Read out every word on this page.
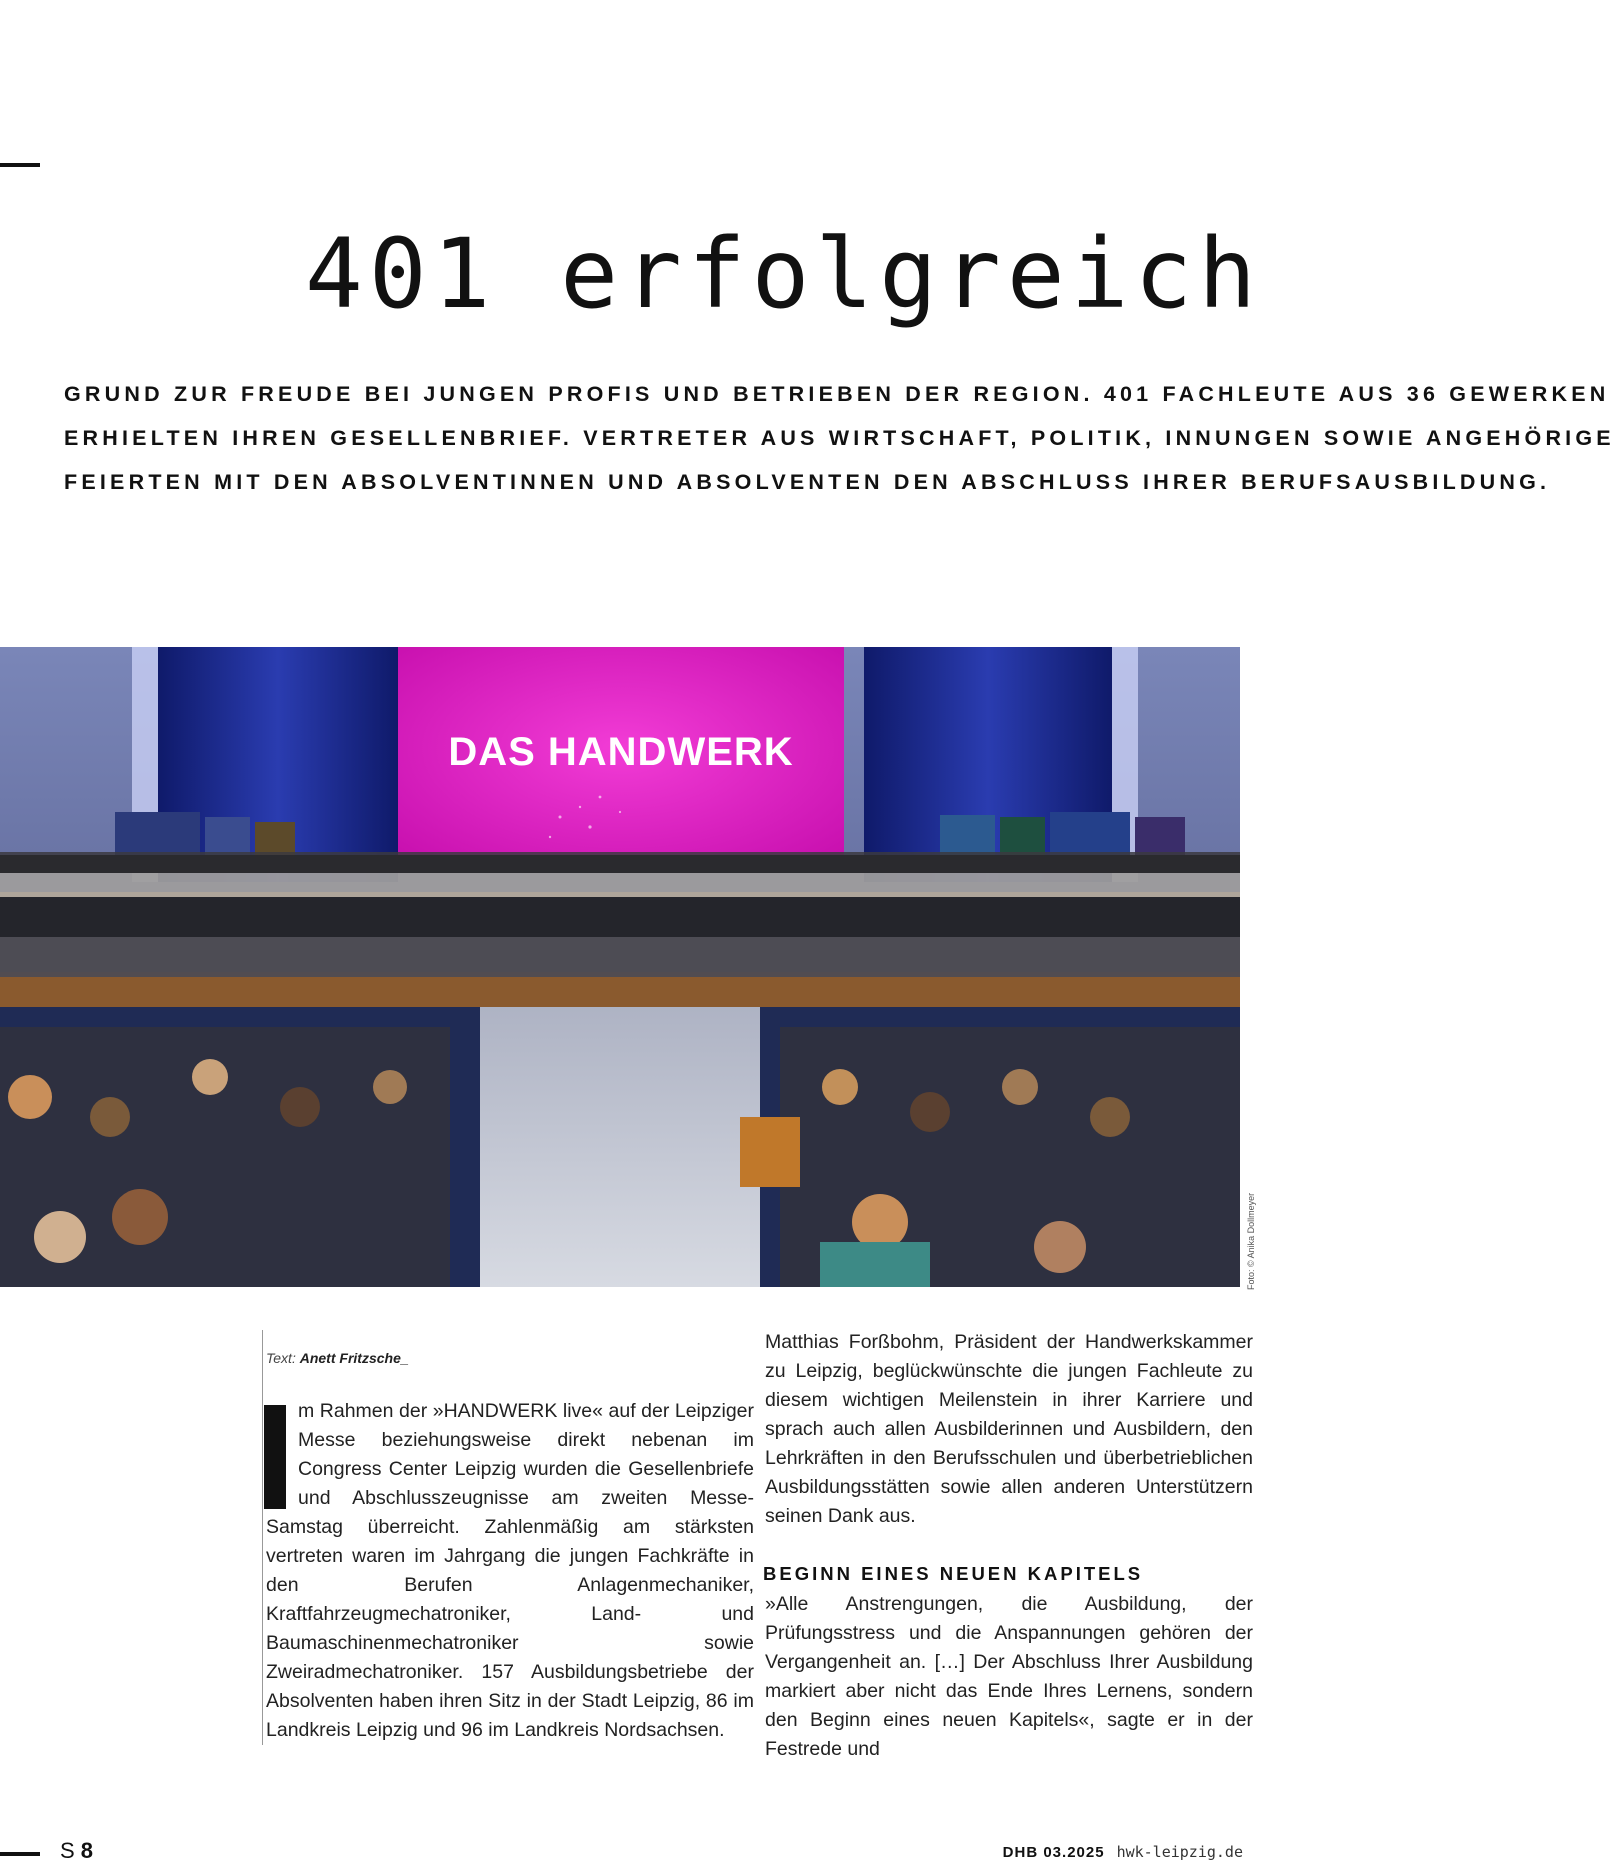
401 erfolgreich
GRUND ZUR FREUDE BEI JUNGEN PROFIS UND BETRIEBEN DER REGION. 401 FACHLEUTE AUS 36 GEWERKEN
ERHIELTEN IHREN GESELLENBRIEF. VERTRETER AUS WIRTSCHAFT, POLITIK, INNUNGEN SOWIE ANGEHÖRIGE
FEIERTEN MIT DEN ABSOLVENTINNEN UND ABSOLVENTEN DEN ABSCHLUSS IHRER BERUFSAUSBILDUNG.
DAS HANDWERK
Foto: © Anika Dollmeyer
Text: Anett Fritzsche_

m Rahmen der »HANDWERK live« auf der Leipziger Messe beziehungsweise direkt nebenan im Congress Center Leipzig wurden die Gesellenbriefe und Abschlusszeugnisse am zweiten Messe-Samstag überreicht. Zahlenmäßig am stärksten vertreten waren im Jahrgang die jungen Fachkräfte in den Berufen Anlagenmechaniker, Kraftfahrzeugmechatroniker, Land- und Baumaschinenmechatroniker sowie Zweiradmechatroniker. 157 Ausbildungsbetriebe der Absolventen haben ihren Sitz in der Stadt Leipzig, 86 im Landkreis Leipzig und 96 im Landkreis Nordsachsen.

Matthias Forßbohm, Präsident der Handwerkskammer zu Leipzig, beglückwünschte die jungen Fachleute zu diesem wichtigen Meilenstein in ihrer Karriere und sprach auch allen Ausbilderinnen und Ausbildern, den Lehrkräften in den Berufsschulen und überbetrieblichen Ausbildungsstätten sowie allen anderen Unterstützern seinen Dank aus.

BEGINN EINES NEUEN KAPITELS

»Alle Anstrengungen, die Ausbildung, der Prüfungsstress und die Anspannungen gehören der Vergangenheit an. […] Der Abschluss Ihrer Ausbildung markiert aber nicht das Ende Ihres Lernens, sondern den Beginn eines neuen Kapitels«, sagte er in der Festrede und

S 8	DHB 03.2025 hwk-leipzig.de
